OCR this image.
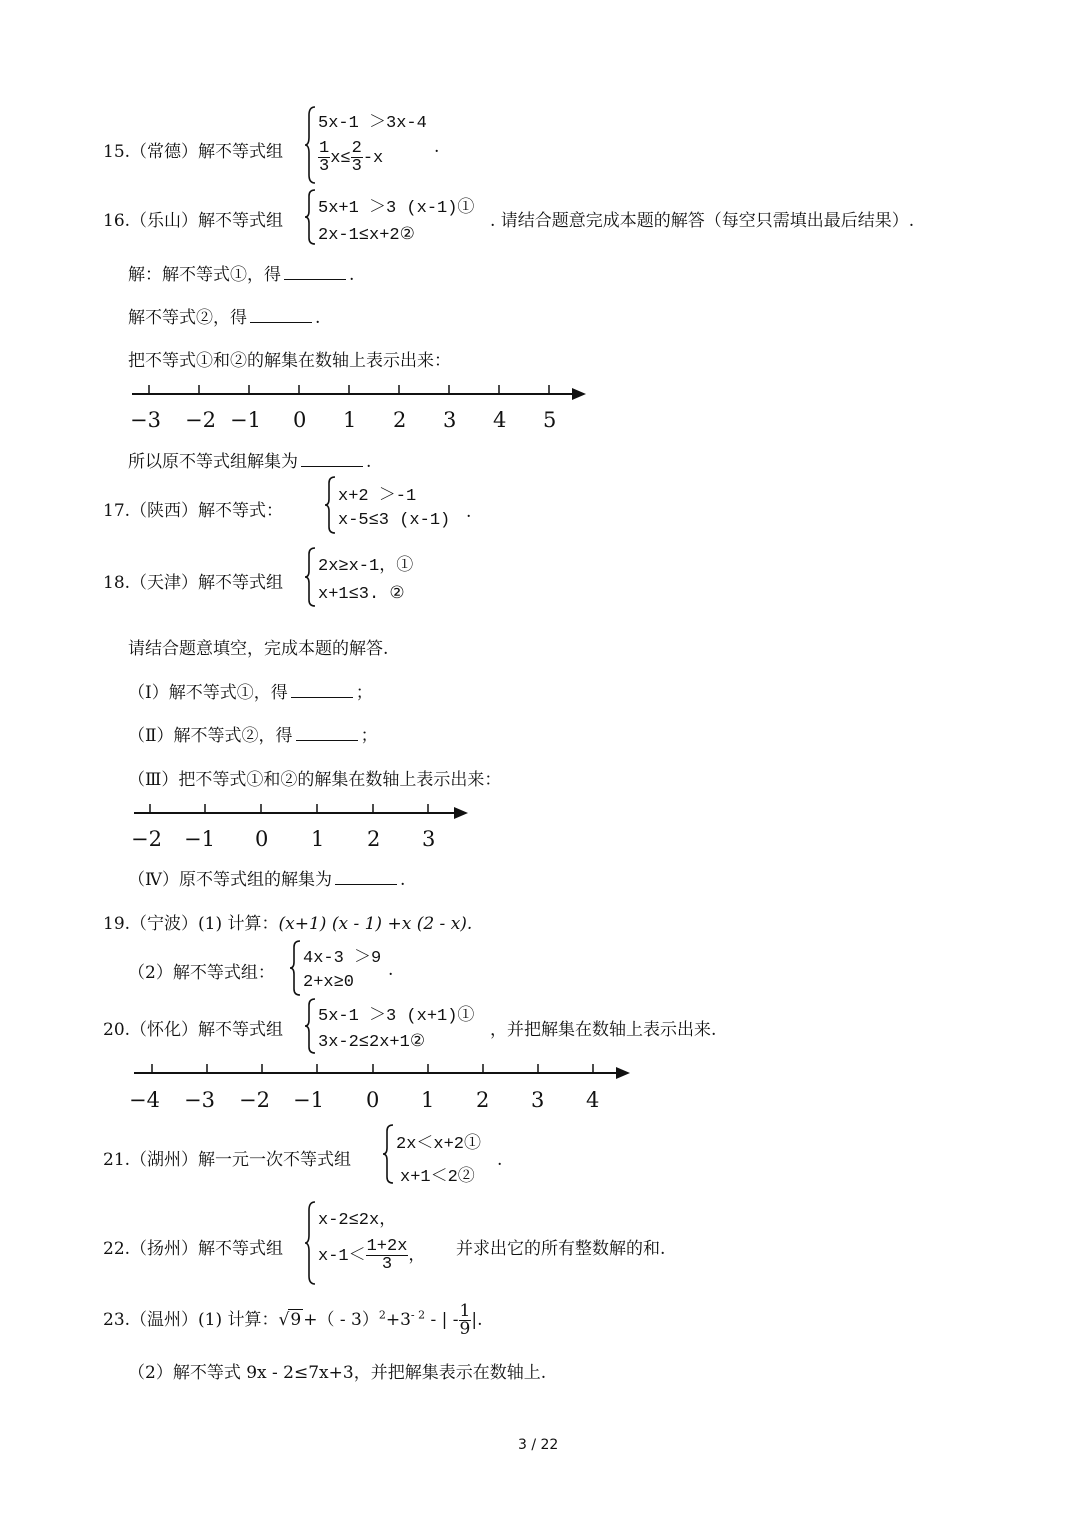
15.（常德）解不等式组
5x-1 ＞3x-4
$\frac{1}{3} x\le \frac{2}{3} -x$
.
16.（乐山）解不等式组
5x+1 ＞3 (x-1)①
2x-1≤x+2②
. 请结合题意完成本题的解答（每空只需填出最后结果）.
解：解不等式①，得	.
解不等式②，得	.
把不等式①和②的解集在数轴上表示出来：
−3 −2 −1 0 1 2 3 4 5
所以原不等式组解集为	.
17.（陕西）解不等式：
x+2 ＞-1
x-5≤3 (x-1) .
18.（天津）解不等式组
2x≥x-1，①
x+1≤3. ②
请结合题意填空，完成本题的解答.
（Ⅰ）解不等式①，得	；
（Ⅱ）解不等式②，得	；
（Ⅲ）把不等式①和②的解集在数轴上表示出来：
−2 −1 0 1 2 3
（Ⅳ）原不等式组的解集为	.
19.（宁波）(1) 计算：(x+1) (x - 1) +x (2 - x).
（2）解不等式组：
4x-3 ＞9
2+x≥0
.
20.（怀化）解不等式组
5x-1 ＞3 (x+1)①
3x-2≤2x+1②
，并把解集在数轴上表示出来.
−4 −3 −2 −1 0 1 2 3 4
21.（湖州）解一元一次不等式组
2x＜x+2①
x+1＜2②
.
22.（扬州）解不等式组
x-2≤2x，
$x-1< \frac{1+2x}{3}$ ， 并求出它的所有整数解的和.
23.（温州）(1) 计算：√9 +（ - $3)^2+3^{- 2}$ - | - $\frac{1}{9}$ |.
（2）解不等式 9x - 2≤7x+3，并把解集表示在数轴上.
3 / 22
